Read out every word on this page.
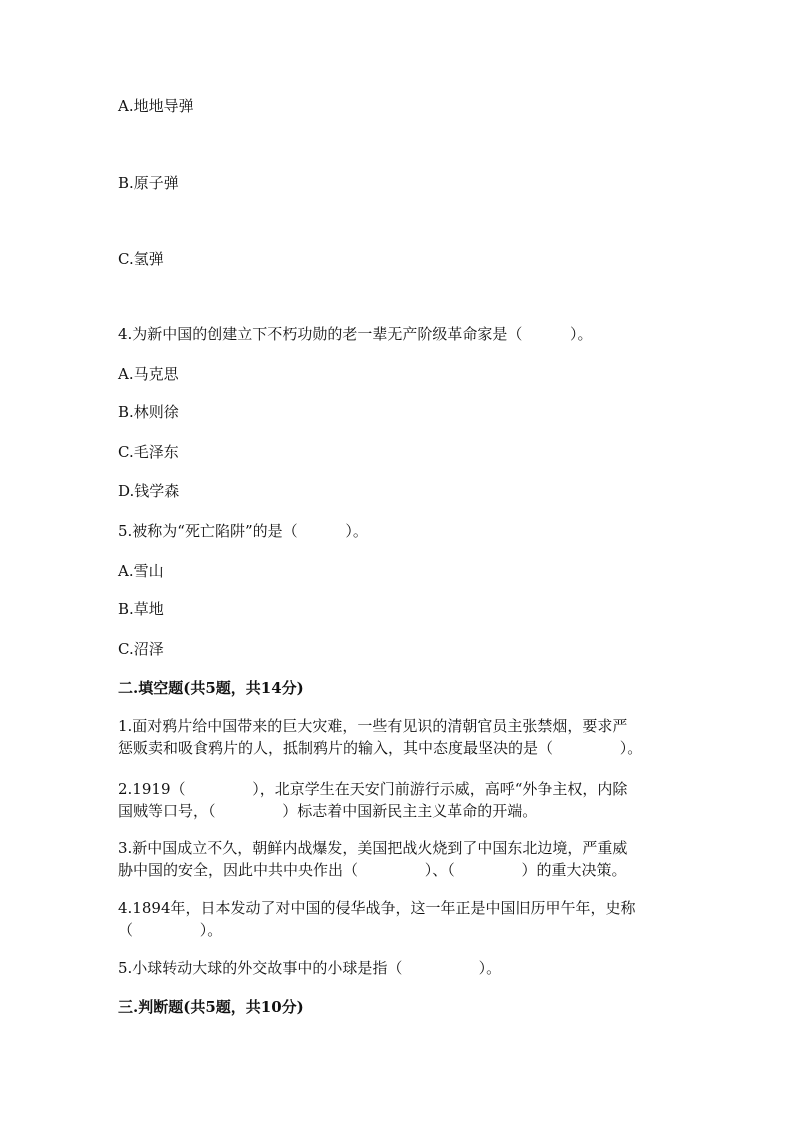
A.地地导弹
B.原子弹
C.氢弹
4.为新中国的创建立下不朽功勋的老一辈无产阶级革命家是（          ）。
A.马克思
B.林则徐
C.毛泽东
D.钱学森
5.被称为“死亡陷阱”的是（          ）。
A.雪山
B.草地
C.沼泽
二.填空题(共5题，共14分)
1.面对鸦片给中国带来的巨大灾难，一些有见识的清朝官员主张禁烟，要求严
惩贩卖和吸食鸦片的人，抵制鸦片的输入，其中态度最坚决的是（              ）。
2.1919（              ），北京学生在天安门前游行示威，高呼“外争主权，内除
国贼等口号，（              ）标志着中国新民主主义革命的开端。
3.新中国成立不久，朝鲜内战爆发，美国把战火烧到了中国东北边境，严重威
胁中国的安全，因此中共中央作出（              ）、（              ）的重大决策。
4.1894年，日本发动了对中国的侵华战争，这一年正是中国旧历甲午年，史称
（              ）。
5.小球转动大球的外交故事中的小球是指（                ）。
三.判断题(共5题，共10分)
